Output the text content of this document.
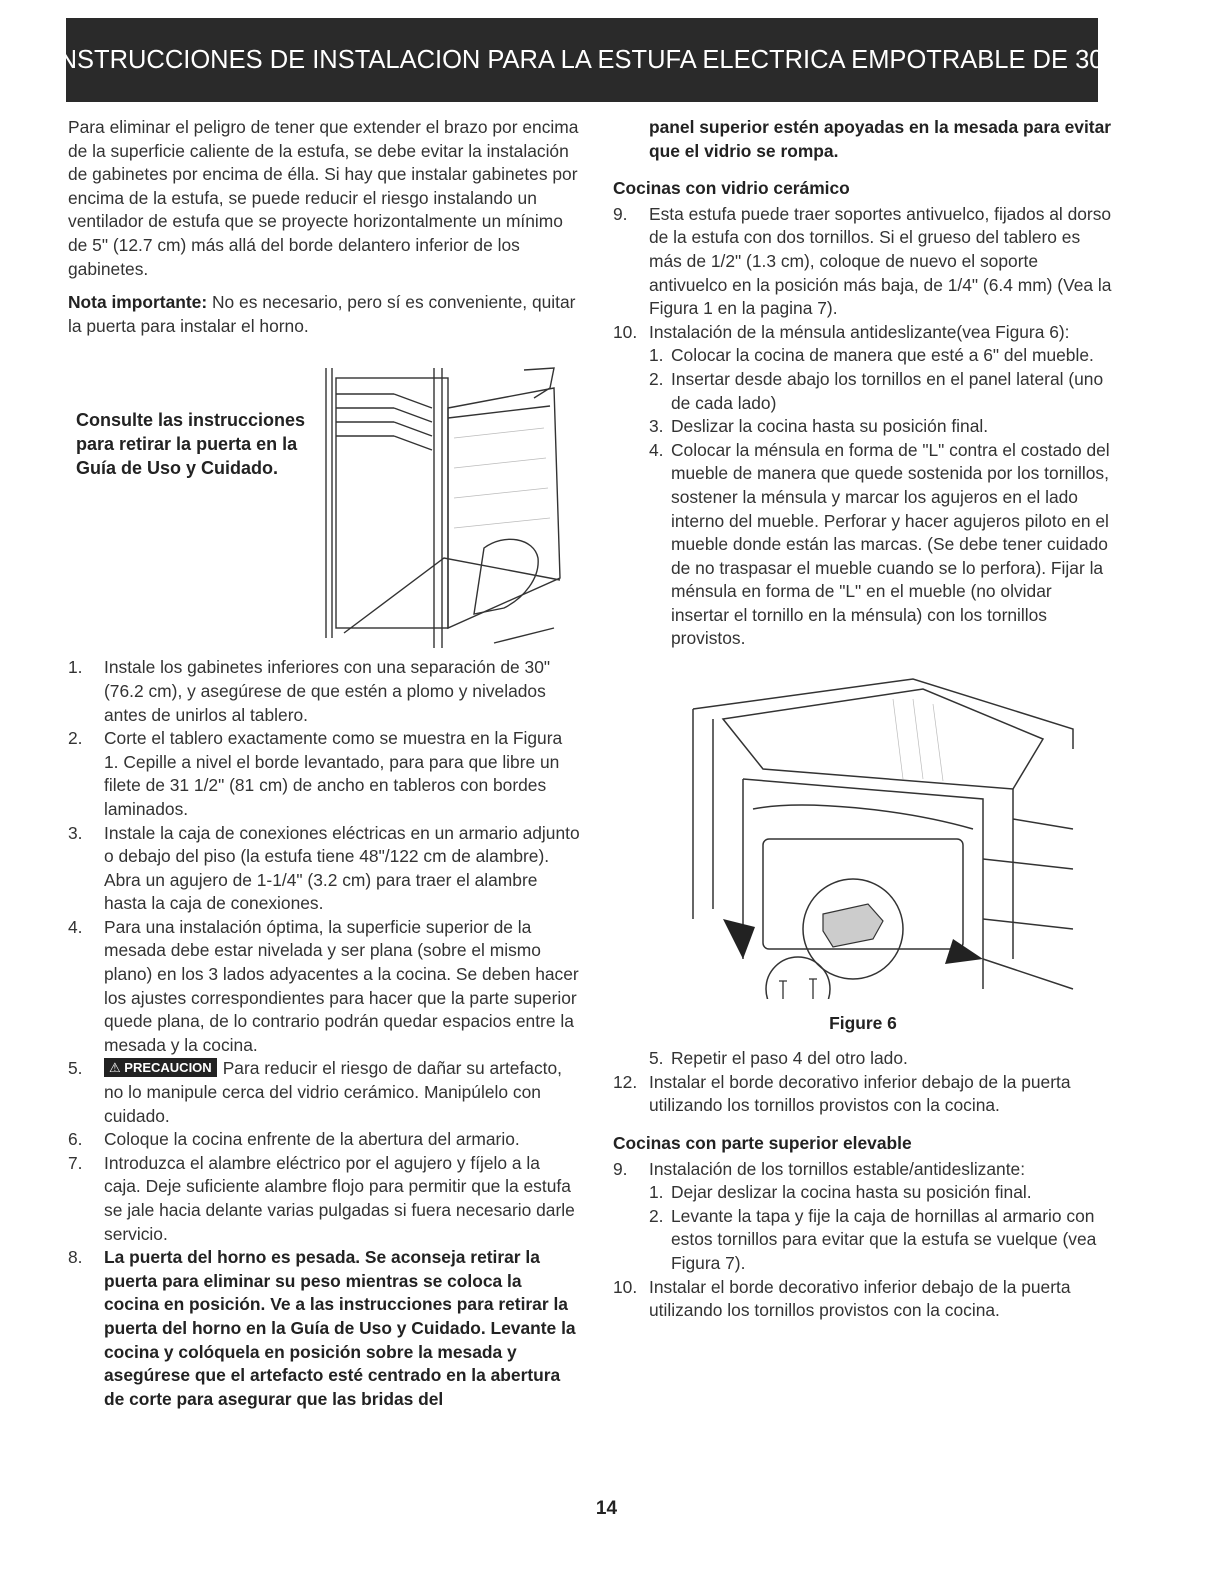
INSTRUCCIONES DE INSTALACION PARA LA ESTUFA ELECTRICA EMPOTRABLE DE 30"

Para eliminar el peligro de tener que extender el brazo por encima de la superficie caliente de la estufa, se debe evitar la instalación de gabinetes por encima de élla. Si hay que instalar gabinetes por encima de la estufa, se puede reducir el riesgo instalando un ventilador de estufa que se proyecte horizontalmente un mínimo de 5" (12.7 cm) más allá del borde delantero inferior de los gabinetes.

Nota importante: No es necesario, pero sí es conveniente, quitar la puerta para instalar el horno.

Consulte las instrucciones para retirar la puerta en la Guía de Uso y Cuidado.
1. Instale los gabinetes inferiores con una separación de 30" (76.2 cm), y asegúrese de que estén a plomo y nivelados antes de unirlos al tablero.
2. Corte el tablero exactamente como se muestra en la Figura 1. Cepille a nivel el borde levantado, para para que libre un filete de 31 1/2" (81 cm) de ancho en tableros con bordes laminados.
3. Instale la caja de conexiones eléctricas en un armario adjunto o debajo del piso (la estufa tiene 48"/122 cm de alambre). Abra un agujero de 1-1/4" (3.2 cm) para traer el alambre hasta la caja de conexiones.
4. Para una instalación óptima, la superficie superior de la mesada debe estar nivelada y ser plana (sobre el mismo plano) en los 3 lados adyacentes a la cocina. Se deben hacer los ajustes correspondientes para hacer que la parte superior quede plana, de lo contrario podrán quedar espacios entre la mesada y la cocina.
5. ⚠ PRECAUCION Para reducir el riesgo de dañar su artefacto, no lo manipule cerca del vidrio cerámico. Manipúlelo con cuidado.
6. Coloque la cocina enfrente de la abertura del armario.
7. Introduzca el alambre eléctrico por el agujero y fíjelo a la caja. Deje suficiente alambre flojo para permitir que la estufa se jale hacia delante varias pulgadas si fuera necesario darle servicio.
8. La puerta del horno es pesada. Se aconseja retirar la puerta para eliminar su peso mientras se coloca la cocina en posición. Ve a las instrucciones para retirar la puerta del horno en la Guía de Uso y Cuidado. Levante la cocina y colóquela en posición sobre la mesada y asegúrese que el artefacto esté centrado en la abertura de corte para asegurar que las bridas del

panel superior estén apoyadas en la mesada para evitar que el vidrio se rompa.

Cocinas con vidrio cerámico
9. Esta estufa puede traer soportes antivuelco, fijados al dorso de la estufa con dos tornillos. Si el grueso del tablero es más de 1/2" (1.3 cm), coloque de nuevo el soporte antivuelco en la posición más baja, de 1/4" (6.4 mm) (Vea la Figura 1 en la pagina 7).
10. Instalación de la ménsula antideslizante(vea Figura 6):
1. Colocar la cocina de manera que esté a 6" del mueble.
2. Insertar desde abajo los tornillos en el panel lateral (uno de cada lado)
3. Deslizar la cocina hasta su posición final.
4. Colocar la ménsula en forma de "L" contra el costado del mueble de manera que quede sostenida por los tornillos, sostener la ménsula y marcar los agujeros en el lado interno del mueble. Perforar y hacer agujeros piloto en el mueble donde están las marcas. (Se debe tener cuidado de no traspasar el mueble cuando se lo perfora). Fijar la ménsula en forma de "L" en el mueble (no olvidar insertar el tornillo en la ménsula) con los tornillos provistos.
Figure 6
5. Repetir el paso 4 del otro lado.
12. Instalar el borde decorativo inferior debajo de la puerta utilizando los tornillos provistos con la cocina.
Cocinas con parte superior elevable
9. Instalación de los tornillos estable/antideslizante:
1. Dejar deslizar la cocina hasta su posición final.
2. Levante la tapa y fije la caja de hornillas al armario con estos tornillos para evitar que la estufa se vuelque (vea Figura 7).
10. Instalar el borde decorativo inferior debajo de la puerta utilizando los tornillos provistos con la cocina.
14
